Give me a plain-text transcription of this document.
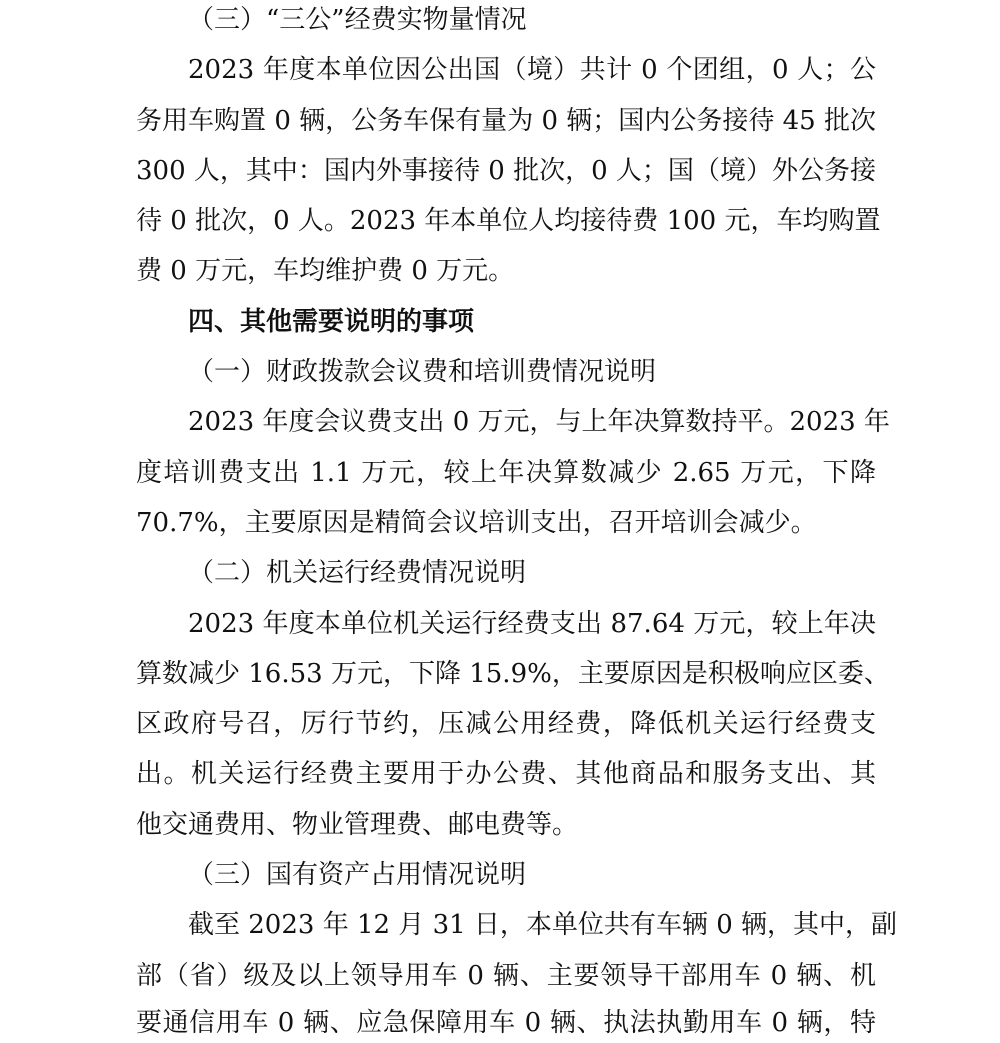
（三）“三公”经费实物量情况
2023 年度本单位因公出国（境）共计 0 个团组，0 人；公
务用车购置 0 辆，公务车保有量为 0 辆；国内公务接待 45 批次
300 人，其中：国内外事接待 0 批次，0 人；国（境）外公务接
待 0 批次，0 人。2023 年本单位人均接待费 100 元，车均购置
费 0 万元，车均维护费 0 万元。
四、其他需要说明的事项
（一）财政拨款会议费和培训费情况说明
2023 年度会议费支出 0 万元，与上年决算数持平。2023 年
度培训费支出 1.1 万元，较上年决算数减少 2.65 万元，下降
70.7%，主要原因是精简会议培训支出，召开培训会减少。
（二）机关运行经费情况说明
2023 年度本单位机关运行经费支出 87.64 万元，较上年决
算数减少 16.53 万元，下降 15.9%，主要原因是积极响应区委、
区政府号召，厉行节约，压减公用经费，降低机关运行经费支
出。机关运行经费主要用于办公费、其他商品和服务支出、其
他交通费用、物业管理费、邮电费等。
（三）国有资产占用情况说明
截至 2023 年 12 月 31 日，本单位共有车辆 0 辆，其中，副
部（省）级及以上领导用车 0 辆、主要领导干部用车 0 辆、机
要通信用车 0 辆、应急保障用车 0 辆、执法执勤用车 0 辆，特
